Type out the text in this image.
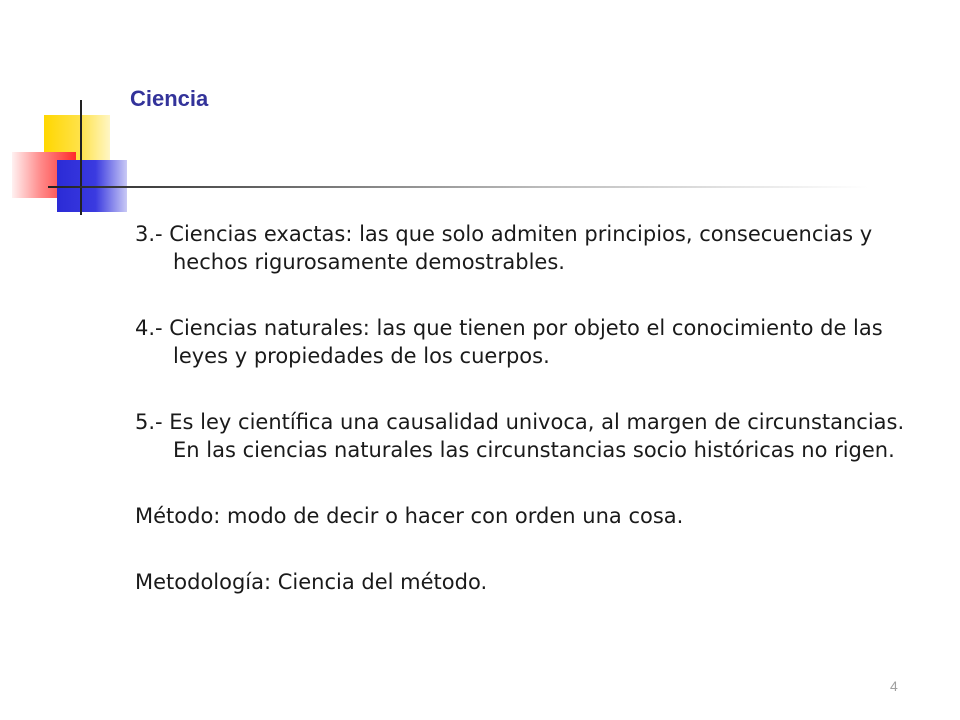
Ciencia

3.- Ciencias exactas: las que solo admiten principios, consecuencias y hechos rigurosamente demostrables.

4.- Ciencias naturales: las que tienen por objeto el conocimiento de las leyes y propiedades de los cuerpos.

5.- Es ley científica una causalidad univoca, al margen de circunstancias. En las ciencias naturales las circunstancias socio históricas no rigen.

Método: modo de decir o hacer con orden una cosa.

Metodología: Ciencia del método.

4
